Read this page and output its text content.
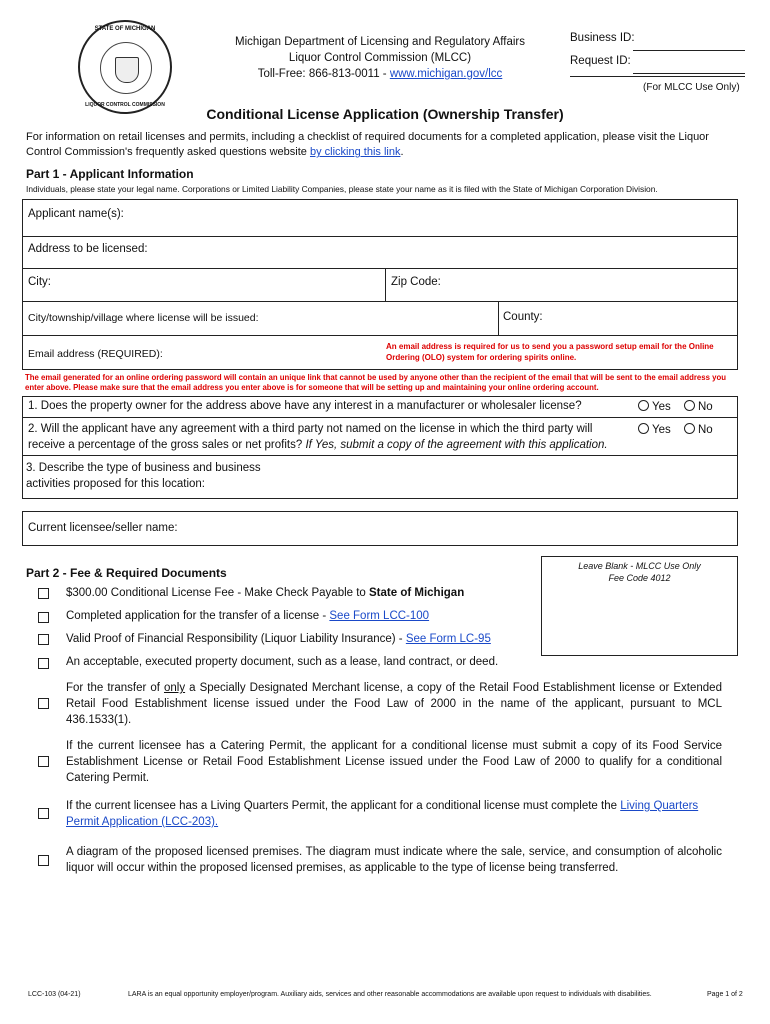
STATE OF MICHIGAN
LIQUOR CONTROL COMMISSION
Michigan Department of Licensing and Regulatory Affairs
Liquor Control Commission (MLCC)
Toll-Free: 866-813-0011 - www.michigan.gov/lcc
Business ID:
Request ID:
(For MLCC Use Only)
Conditional License Application (Ownership Transfer)
For information on retail licenses and permits, including a checklist of required documents for a completed application, please visit the Liquor Control Commission's frequently asked questions website by clicking this link.
Part 1 - Applicant Information
Individuals, please state your legal name. Corporations or Limited Liability Companies, please state your name as it is filed with the State of Michigan Corporation Division.
Applicant name(s):
Address to be licensed:
City:	Zip Code:
City/township/village where license will be issued:	County:
Email address (REQUIRED):
An email address is required for us to send you a password setup email for the Online Ordering (OLO) system for ordering spirits online.
The email generated for an online ordering password will contain an unique link that cannot be used by anyone other than the recipient of the email that will be sent to the email address you enter above. Please make sure that the email address you enter above is for someone that will be setting up and maintaining your online ordering account.
1. Does the property owner for the address above have any interest in a manufacturer or wholesaler license?	Yes	No
2. Will the applicant have any agreement with a third party not named on the license in which the third party will receive a percentage of the gross sales or net profits? If Yes, submit a copy of the agreement with this application.
Yes	No
3. Describe the type of business and business activities proposed for this location:
Current licensee/seller name:
Leave Blank - MLCC Use Only
Fee Code 4012
Part 2 - Fee & Required Documents
$300.00 Conditional License Fee - Make Check Payable to State of Michigan
Completed application for the transfer of a license - See Form LCC-100
Valid Proof of Financial Responsibility (Liquor Liability Insurance) - See Form LC-95
An acceptable, executed property document, such as a lease, land contract, or deed.
For the transfer of only a Specially Designated Merchant license, a copy of the Retail Food Establishment license or Extended Retail Food Establishment license issued under the Food Law of 2000 in the name of the applicant, pursuant to MCL 436.1533(1).
If the current licensee has a Catering Permit, the applicant for a conditional license must submit a copy of its Food Service Establishment License or Retail Food Establishment License issued under the Food Law of 2000 to qualify for a conditional Catering Permit.
If the current licensee has a Living Quarters Permit, the applicant for a conditional license must complete the Living Quarters Permit Application (LCC-203).
A diagram of the proposed licensed premises. The diagram must indicate where the sale, service, and consumption of alcoholic liquor will occur within the proposed licensed premises, as applicable to the type of license being transferred.
LCC-103 (04-21)	LARA is an equal opportunity employer/program. Auxiliary aids, services and other reasonable accommodations are available upon request to individuals with disabilities.	Page 1 of 2
